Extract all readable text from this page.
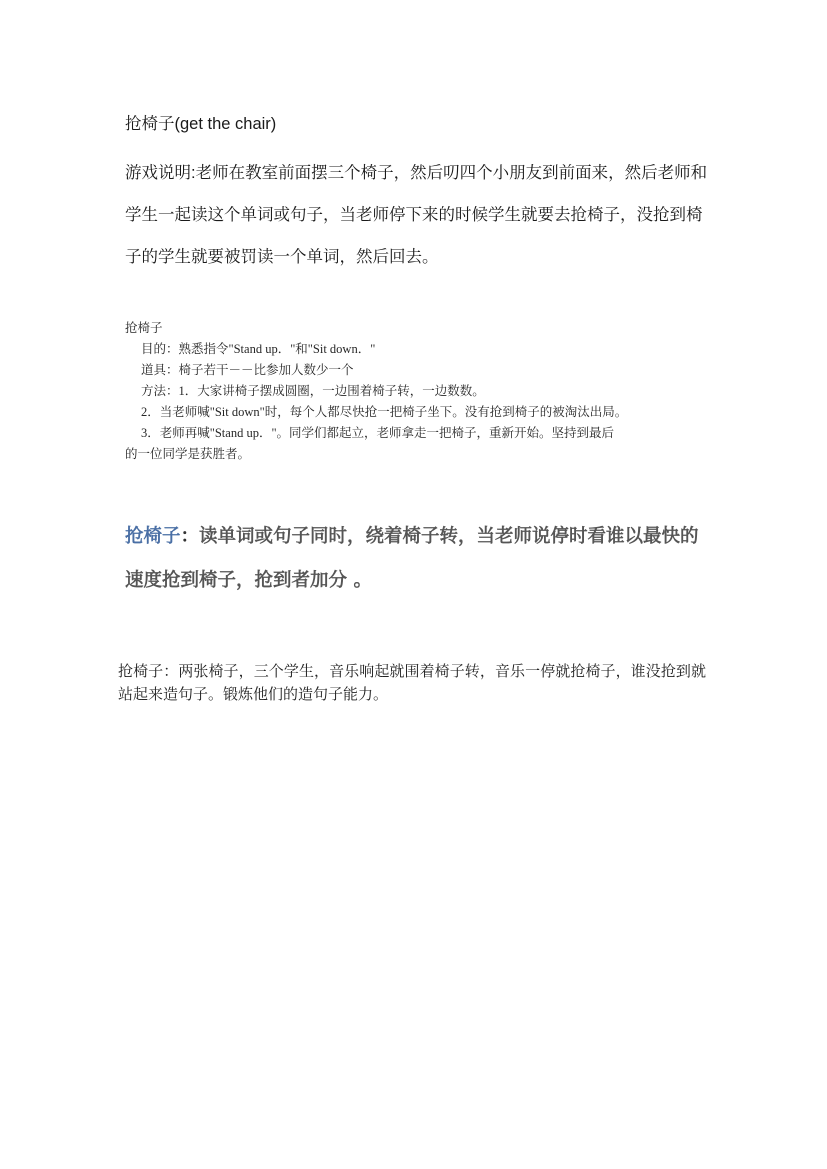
抢椅子(get the chair)

游戏说明:老师在教室前面摆三个椅子，然后叨四个小朋友到前面来，然后老师和学生一起读这个单词或句子，当老师停下来的时候学生就要去抢椅子，没抢到椅子的学生就要被罚读一个单词，然后回去。

抢椅子

目的：熟悉指令"Stand up．"和"Sit down．"

道具：椅子若干－－比参加人数少一个

方法：1．大家讲椅子摆成圆圈，一边围着椅子转，一边数数。

2．当老师喊"Sit down"时，每个人都尽快抢一把椅子坐下。没有抢到椅子的被淘汰出局。

3．老师再喊"Stand up．"。同学们都起立，老师拿走一把椅子，重新开始。坚持到最后

的一位同学是获胜者。

抢椅子：读单词或句子同时，绕着椅子转，当老师说停时看谁以最快的速度抢到椅子，抢到者加分 。

抢椅子：两张椅子，三个学生，音乐响起就围着椅子转，音乐一停就抢椅子，谁没抢到就站起来造句子。锻炼他们的造句子能力。
